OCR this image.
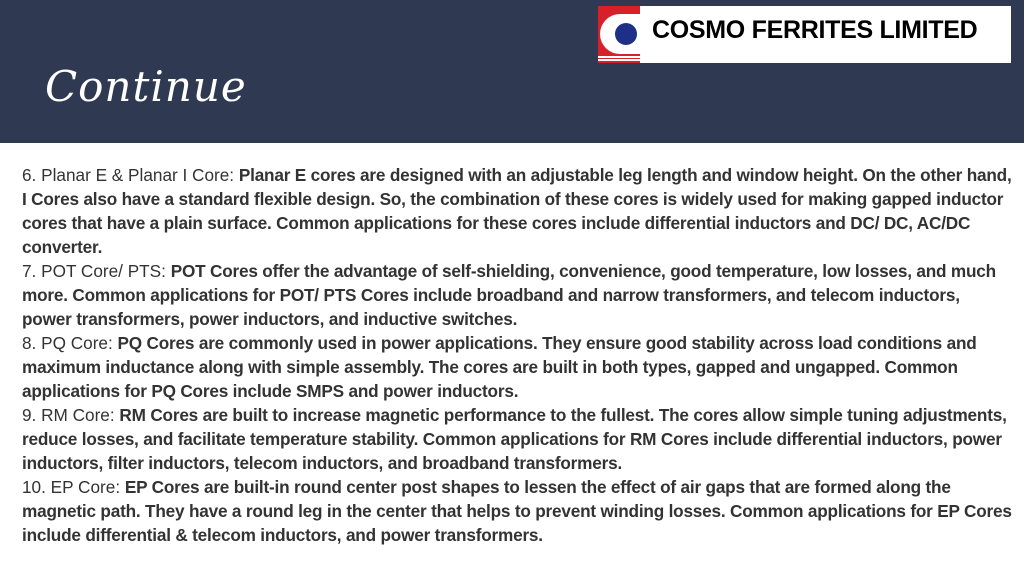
Continue
COSMO FERRITES LIMITED

6. Planar E & Planar I Core: Planar E cores are designed with an adjustable leg length and window height. On the other hand, I Cores also have a standard flexible design. So, the combination of these cores is widely used for making gapped inductor cores that have a plain surface. Common applications for these cores include differential inductors and DC/ DC, AC/DC converter.

7. POT Core/ PTS: POT Cores offer the advantage of self-shielding, convenience, good temperature, low losses, and much more. Common applications for POT/ PTS Cores include broadband and narrow transformers, and telecom inductors, power transformers, power inductors, and inductive switches.

8. PQ Core: PQ Cores are commonly used in power applications. They ensure good stability across load conditions and maximum inductance along with simple assembly. The cores are built in both types, gapped and ungapped. Common applications for PQ Cores include SMPS and power inductors.

9. RM Core: RM Cores are built to increase magnetic performance to the fullest. The cores allow simple tuning adjustments, reduce losses, and facilitate temperature stability. Common applications for RM Cores include differential inductors, power inductors, filter inductors, telecom inductors, and broadband transformers.

10. EP Core: EP Cores are built-in round center post shapes to lessen the effect of air gaps that are formed along the magnetic path. They have a round leg in the center that helps to prevent winding losses. Common applications for EP Cores include differential & telecom inductors, and power transformers.
